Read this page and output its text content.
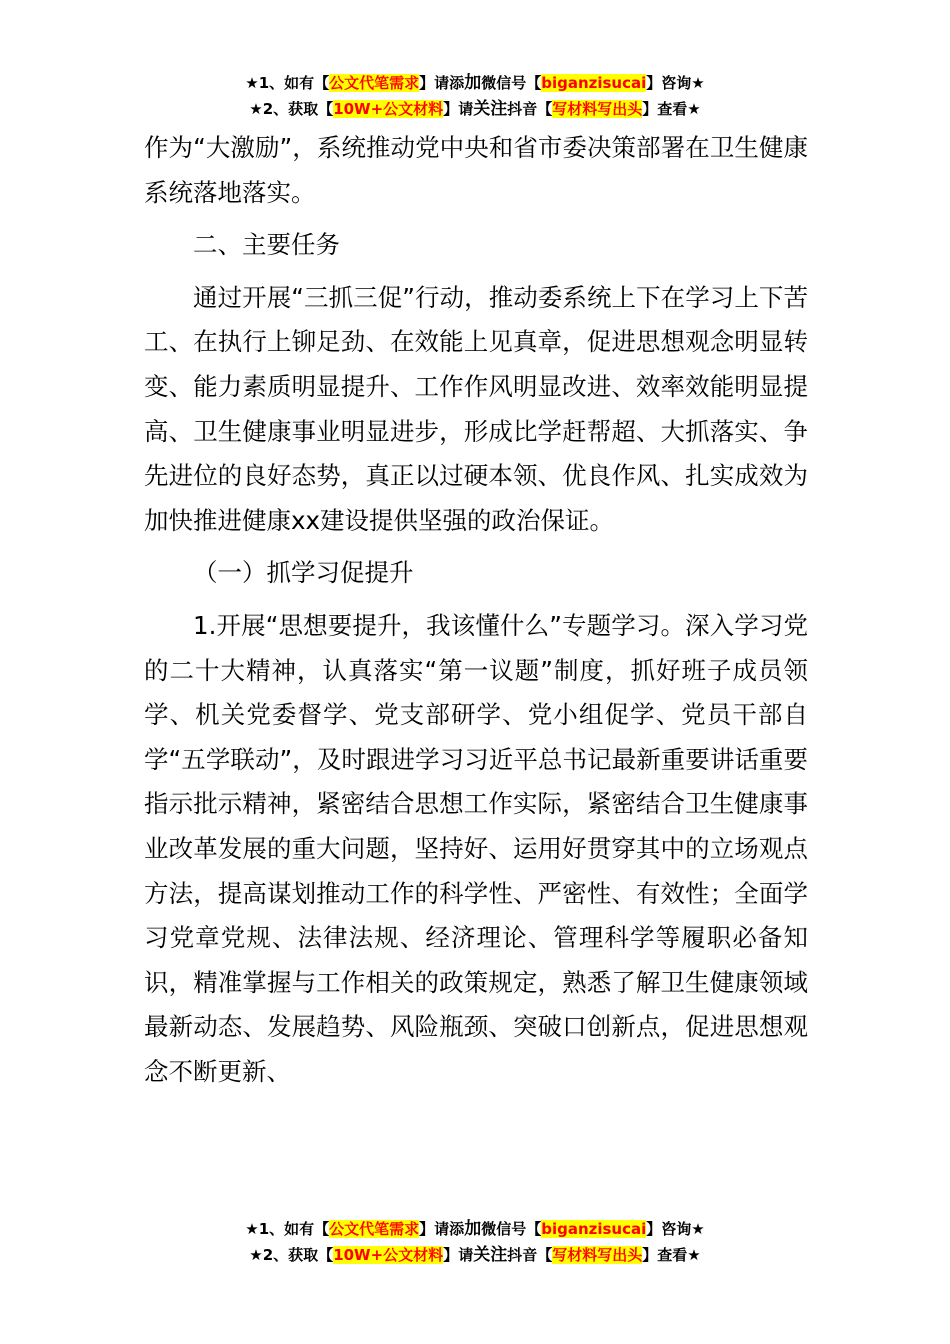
★1、如有【公文代笔需求】请添加微信号【biganzisucai】咨询★
★2、获取【10W+公文材料】请关注抖音【写材料写出头】查看★

作为“大激励”，系统推动党中央和省市委决策部署在卫生健康系统落地落实。

二、主要任务

通过开展“三抓三促”行动，推动委系统上下在学习上下苦工、在执行上铆足劲、在效能上见真章，促进思想观念明显转变、能力素质明显提升、工作作风明显改进、效率效能明显提高、卫生健康事业明显进步，形成比学赶帮超、大抓落实、争先进位的良好态势，真正以过硬本领、优良作风、扎实成效为加快推进健康xx建设提供坚强的政治保证。

（一）抓学习促提升

1.开展“思想要提升，我该懂什么”专题学习。深入学习党的二十大精神，认真落实“第一议题”制度，抓好班子成员领学、机关党委督学、党支部研学、党小组促学、党员干部自学“五学联动”，及时跟进学习习近平总书记最新重要讲话重要指示批示精神，紧密结合思想工作实际，紧密结合卫生健康事业改革发展的重大问题，坚持好、运用好贯穿其中的立场观点方法，提高谋划推动工作的科学性、严密性、有效性；全面学习党章党规、法律法规、经济理论、管理科学等履职必备知识，精准掌握与工作相关的政策规定，熟悉了解卫生健康领域最新动态、发展趋势、风险瓶颈、突破口创新点，促进思想观念不断更新、

★1、如有【公文代笔需求】请添加微信号【biganzisucai】咨询★
★2、获取【10W+公文材料】请关注抖音【写材料写出头】查看★
